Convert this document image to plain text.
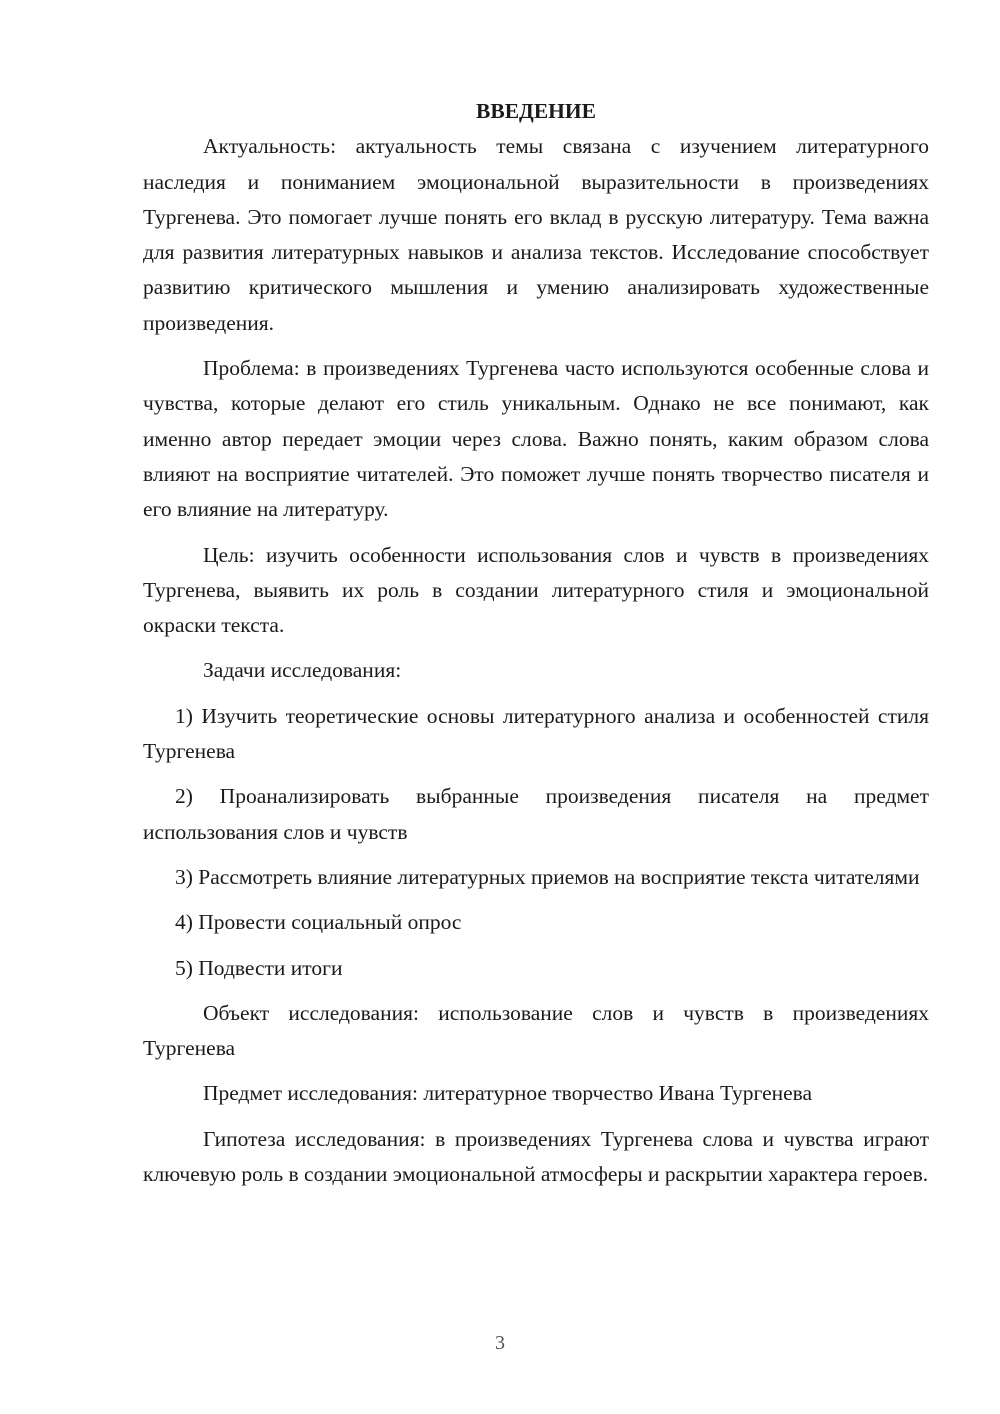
ВВЕДЕНИЕ

Актуальность: актуальность темы связана с изучением литературного наследия и пониманием эмоциональной выразительности в произведениях Тургенева. Это помогает лучше понять его вклад в русскую литературу. Тема важна для развития литературных навыков и анализа текстов. Исследование способствует развитию критического мышления и умению анализировать художественные произведения.

Проблема: в произведениях Тургенева часто используются особенные слова и чувства, которые делают его стиль уникальным. Однако не все понимают, как именно автор передает эмоции через слова. Важно понять, каким образом слова влияют на восприятие читателей. Это поможет лучше понять творчество писателя и его влияние на литературу.

Цель: изучить особенности использования слов и чувств в произведениях Тургенева, выявить их роль в создании литературного стиля и эмоциональной окраски текста.

Задачи исследования:

1) Изучить теоретические основы литературного анализа и особенностей стиля Тургенева

2) Проанализировать выбранные произведения писателя на предмет использования слов и чувств

3) Рассмотреть влияние литературных приемов на восприятие текста читателями

4) Провести социальный опрос

5) Подвести итоги

Объект исследования: использование слов и чувств в произведениях Тургенева

Предмет исследования: литературное творчество Ивана Тургенева

Гипотеза исследования: в произведениях Тургенева слова и чувства играют ключевую роль в создании эмоциональной атмосферы и раскрытии характера героев.

3
